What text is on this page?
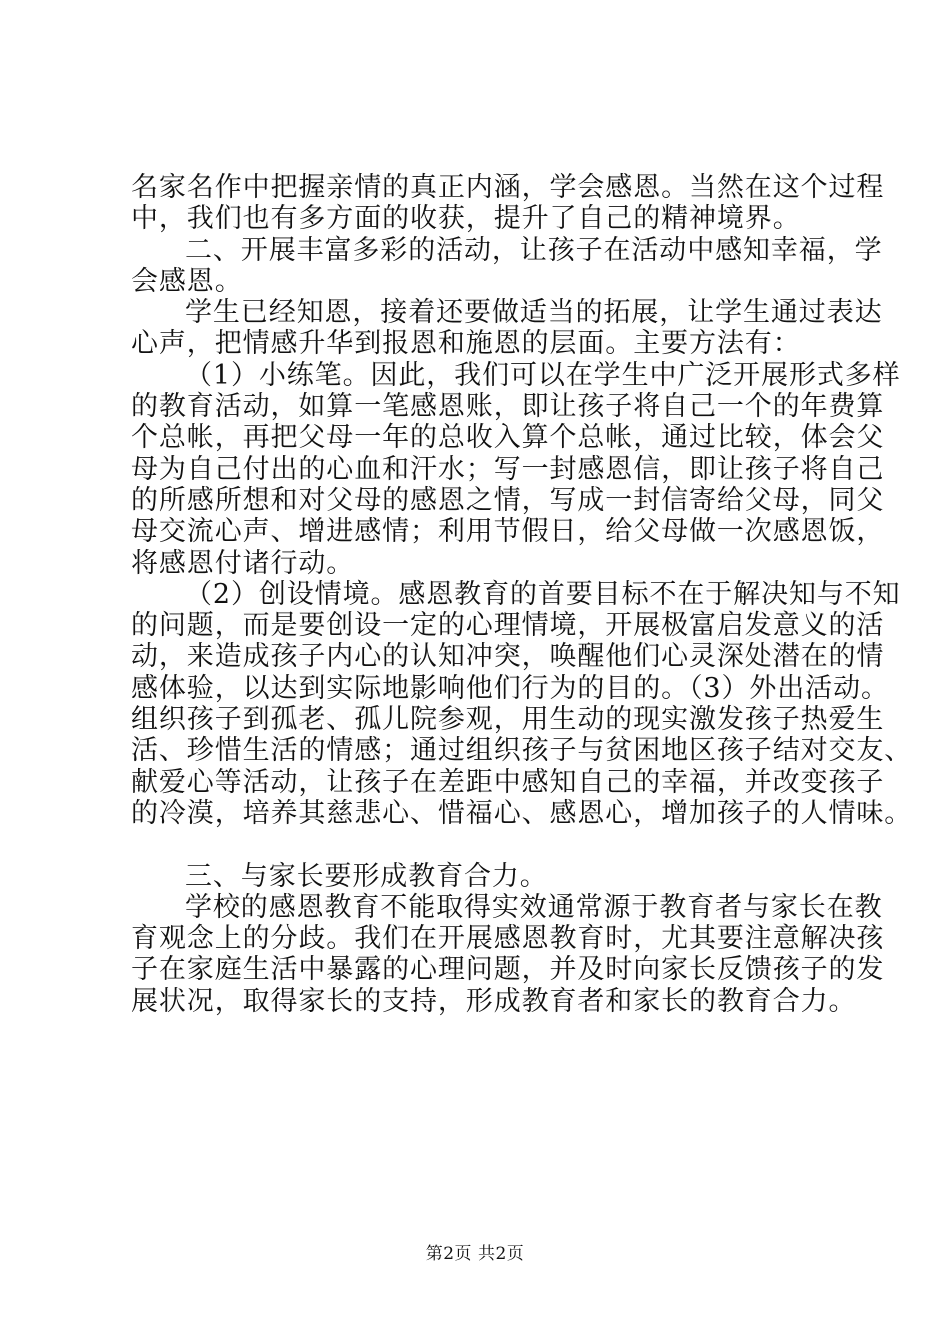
名家名作中把握亲情的真正内涵，学会感恩。当然在这个过程
中，我们也有多方面的收获，提升了自己的精神境界。
二、开展丰富多彩的活动，让孩子在活动中感知幸福，学
会感恩。
学生已经知恩，接着还要做适当的拓展，让学生通过表达
心声，把情感升华到报恩和施恩的层面。主要方法有：
（1）小练笔。因此，我们可以在学生中广泛开展形式多样
的教育活动，如算一笔感恩账，即让孩子将自己一个的年费算
个总帐，再把父母一年的总收入算个总帐，通过比较，体会父
母为自己付出的心血和汗水；写一封感恩信，即让孩子将自己
的所感所想和对父母的感恩之情，写成一封信寄给父母，同父
母交流心声、增进感情；利用节假日，给父母做一次感恩饭，
将感恩付诸行动。
（2）创设情境。感恩教育的首要目标不在于解决知与不知
的问题，而是要创设一定的心理情境，开展极富启发意义的活
动，来造成孩子内心的认知冲突，唤醒他们心灵深处潜在的情
感体验，以达到实际地影响他们行为的目的。（3）外出活动。
组织孩子到孤老、孤儿院参观，用生动的现实激发孩子热爱生
活、珍惜生活的情感；通过组织孩子与贫困地区孩子结对交友、
献爱心等活动，让孩子在差距中感知自己的幸福，并改变孩子
的冷漠，培养其慈悲心、惜福心、感恩心，增加孩子的人情味。
三、与家长要形成教育合力。
学校的感恩教育不能取得实效通常源于教育者与家长在教
育观念上的分歧。我们在开展感恩教育时，尤其要注意解决孩
子在家庭生活中暴露的心理问题，并及时向家长反馈孩子的发
展状况，取得家长的支持，形成教育者和家长的教育合力。
第2页 共2页
